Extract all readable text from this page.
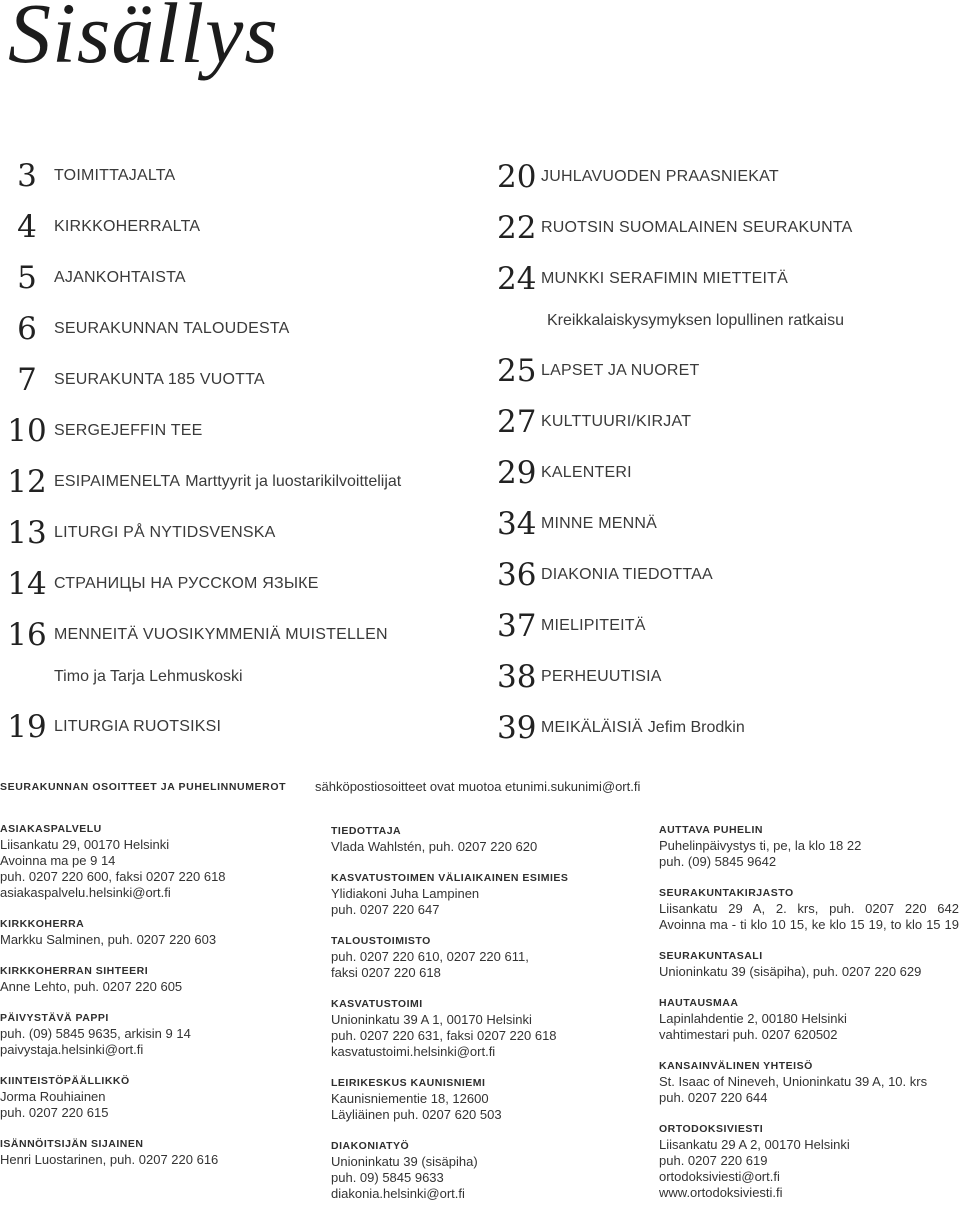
Sisällys
3	TOIMITTAJALTA
4	KIRKKOHERRALTA
5	AJANKOHTAISTA
6	SEURAKUNNAN TALOUDESTA
7	SEURAKUNTA 185 VUOTTA
10 SERGEJEFFIN TEE
12 ESIPAIMENELTA Marttyyrit ja luostarikilvoittelijat
13 LITURGI PÅ NYTIDSVENSKA
14 СТРАНИЦЫ НА РУССКОМ ЯЗЫКЕ
16 MENNEITÄ VUOSIKYMMENIÄ MUISTELLEN
Timo ja Tarja Lehmuskoski
19 LITURGIA RUOTSIKSI
20 JUHLAVUODEN PRAASNIEKAT
22 RUOTSIN SUOMALAINEN SEURAKUNTA
24 MUNKKI SERAFIMIN MIETTEITÄ
Kreikkalaiskysymyksen lopullinen ratkaisu
25 LAPSET JA NUORET
27 KULTTUURI/KIRJAT
29 KALENTERI
34 MINNE MENNÄ
36 DIAKONIA TIEDOTTAA
37 MIELIPITEITÄ
38 PERHEUUTISIA
39 MEIKÄLÄISIÄ Jefim Brodkin
SEURAKUNNAN OSOITTEET JA PUHELINNUMEROT sähköpostiosoitteet ovat muotoa etunimi.sukunimi@ort.fi
ASIAKASPALVELU
Liisankatu 29, 00170 Helsinki
Avoinna ma pe 9 14
puh. 0207 220 600, faksi 0207 220 618
asiakaspalvelu.helsinki@ort.fi
KIRKKOHERRA
Markku Salminen, puh. 0207 220 603
KIRKKOHERRAN SIHTEERI
Anne Lehto, puh. 0207 220 605
PÄIVYSTÄVÄ PAPPI
puh. (09) 5845 9635, arkisin 9 14
paivystaja.helsinki@ort.fi
KIINTEISTÖPÄÄLLIKKÖ
Jorma Rouhiainen
puh. 0207 220 615
ISÄNNÖITSIJÄN SIJAINEN
Henri Luostarinen, puh. 0207 220 616
TIEDOTTAJA
Vlada Wahlstén, puh. 0207 220 620
KASVATUSTOIMEN VÄLIAIKAINEN ESIMIES
Ylidiakoni Juha Lampinen
puh. 0207 220 647
TALOUSTOIMISTO
puh. 0207 220 610, 0207 220 611,
faksi 0207 220 618
KASVATUSTOIMI
Unioninkatu 39 A 1, 00170 Helsinki
puh. 0207 220 631, faksi 0207 220 618
kasvatustoimi.helsinki@ort.fi
LEIRIKESKUS KAUNISNIEMI
Kaunisniementie 18, 12600
Läyliäinen puh. 0207 620 503
DIAKONIATYÖ
Unioninkatu 39 (sisäpiha)
puh. 09) 5845 9633
diakonia.helsinki@ort.fi
AUTTAVA PUHELIN
Puhelinpäivystys ti, pe, la klo 18 22
puh. (09) 5845 9642
SEURAKUNTAKIRJASTO
Liisankatu 29 A, 2. krs, puh. 0207 220 642
Avoinna ma - ti klo 10 15, ke klo 15 19, to klo 15 19
SEURAKUNTASALI
Unioninkatu 39 (sisäpiha), puh. 0207 220 629
HAUTAUSMAA
Lapinlahdentie 2, 00180 Helsinki
vahtimestari puh. 0207 620502
KANSAINVÄLINEN YHTEISÖ
St. Isaac of Nineveh, Unioninkatu 39 A, 10. krs
puh. 0207 220 644
ORTODOKSIVIESTI
Liisankatu 29 A 2, 00170 Helsinki
puh. 0207 220 619
ortodoksiviesti@ort.fi
www.ortodoksiviesti.fi
